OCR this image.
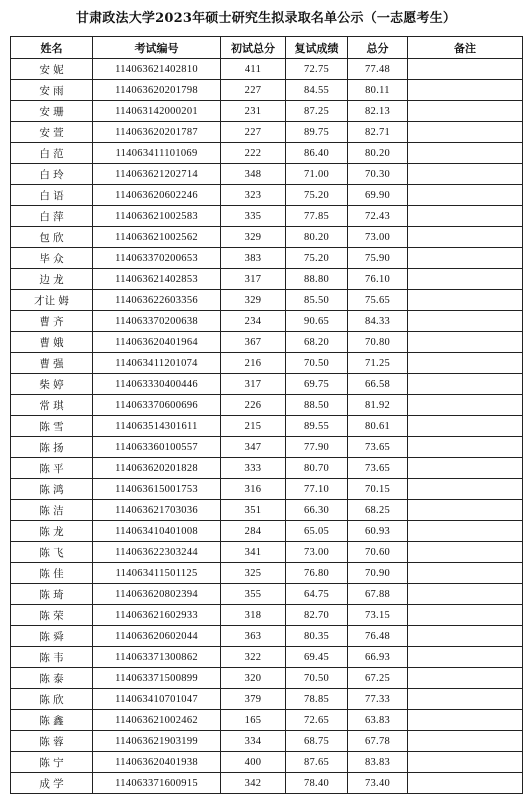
甘肃政法大学2023年硕士研究生拟录取名单公示（一志愿考生）
姓名	考试编号	初试总分	复试成绩	总分	备注
安 妮	114063621402810	411	72.75	77.48	
安 雨	114063620201798	227	84.55	80.11	
安 珊	114063142000201	231	87.25	82.13	
安 萱	114063620201787	227	89.75	82.71	
白 范	114063411101069	222	86.40	80.20	
白 玲	114063621202714	348	71.00	70.30	
白 语	114063620602246	323	75.20	69.90	
白 萍	114063621002583	335	77.85	72.43	
包 欣	114063621002562	329	80.20	73.00	
毕 众	114063370200653	383	75.20	75.90	
边 龙	114063621402853	317	88.80	76.10	
才让 姆	114063622603356	329	85.50	75.65	
曹 齐	114063370200638	234	90.65	84.33	
曹 娥	114063620401964	367	68.20	70.80	
曹 强	114063411201074	216	70.50	71.25	
柴 婷	114063330400446	317	69.75	66.58	
常 琪	114063370600696	226	88.50	81.92	
陈 雪	114063514301611	215	89.55	80.61	
陈 扬	114063360100557	347	77.90	73.65	
陈 平	114063620201828	333	80.70	73.65	
陈 鸿	114063615001753	316	77.10	70.15	
陈 洁	114063621703036	351	66.30	68.25	
陈 龙	114063410401008	284	65.05	60.93	
陈 飞	114063622303244	341	73.00	70.60	
陈 佳	114063411501125	325	76.80	70.90	
陈 琦	114063620802394	355	64.75	67.88	
陈 荣	114063621602933	318	82.70	73.15	
陈 舜	114063620602044	363	80.35	76.48	
陈 韦	114063371300862	322	69.45	66.93	
陈 泰	114063371500899	320	70.50	67.25	
陈 欣	114063410701047	379	78.85	77.33	
陈 鑫	114063621002462	165	72.65	63.83	
陈 蓉	114063621903199	334	68.75	67.78	
陈 宁	114063620401938	400	87.65	83.83	
成 学	114063371600915	342	78.40	73.40	
